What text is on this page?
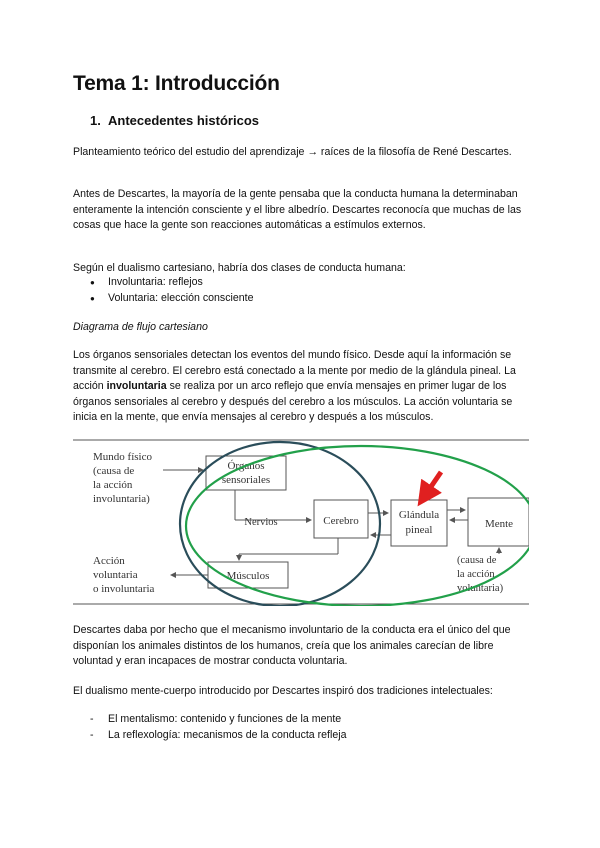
Tema 1: Introducción
1. Antecedentes históricos

Planteamiento teórico del estudio del aprendizaje → raíces de la filosofía de René Descartes.

Antes de Descartes, la mayoría de la gente pensaba que la conducta humana la determinaban enteramente la intención consciente y el libre albedrío. Descartes reconocía que muchas de las cosas que hace la gente son reacciones automáticas a estímulos externos.

Según el dualismo cartesiano, habría dos clases de conducta humana:

● Involuntaria: reflejos
● Voluntaria: elección consciente

Diagrama de flujo cartesiano

Los órganos sensoriales detectan los eventos del mundo físico. Desde aquí la información se transmite al cerebro. El cerebro está conectado a la mente por medio de la glándula pineal. La acción involuntaria se realiza por un arco reflejo que envía mensajes en primer lugar de los órganos sensoriales al cerebro y después del cerebro a los músculos. La acción voluntaria se inicia en la mente, que envía mensajes al cerebro y después a los músculos.

Mundo físico
(causa de
la acción
involuntaria)
Órganos
sensoriales
Nervios	Cerebro	Glándula
pineal	Mente
Músculos
Acción
voluntaria
o involuntaria
(causa de
la acción
voluntaria)

Descartes daba por hecho que el mecanismo involuntario de la conducta era el único del que disponían los animales distintos de los humanos, creía que los animales carecían de libre voluntad y eran incapaces de mostrar conducta voluntaria.

El dualismo mente-cuerpo introducido por Descartes inspiró dos tradiciones intelectuales:

- El mentalismo: contenido y funciones de la mente
- La reflexología: mecanismos de la conducta refleja
